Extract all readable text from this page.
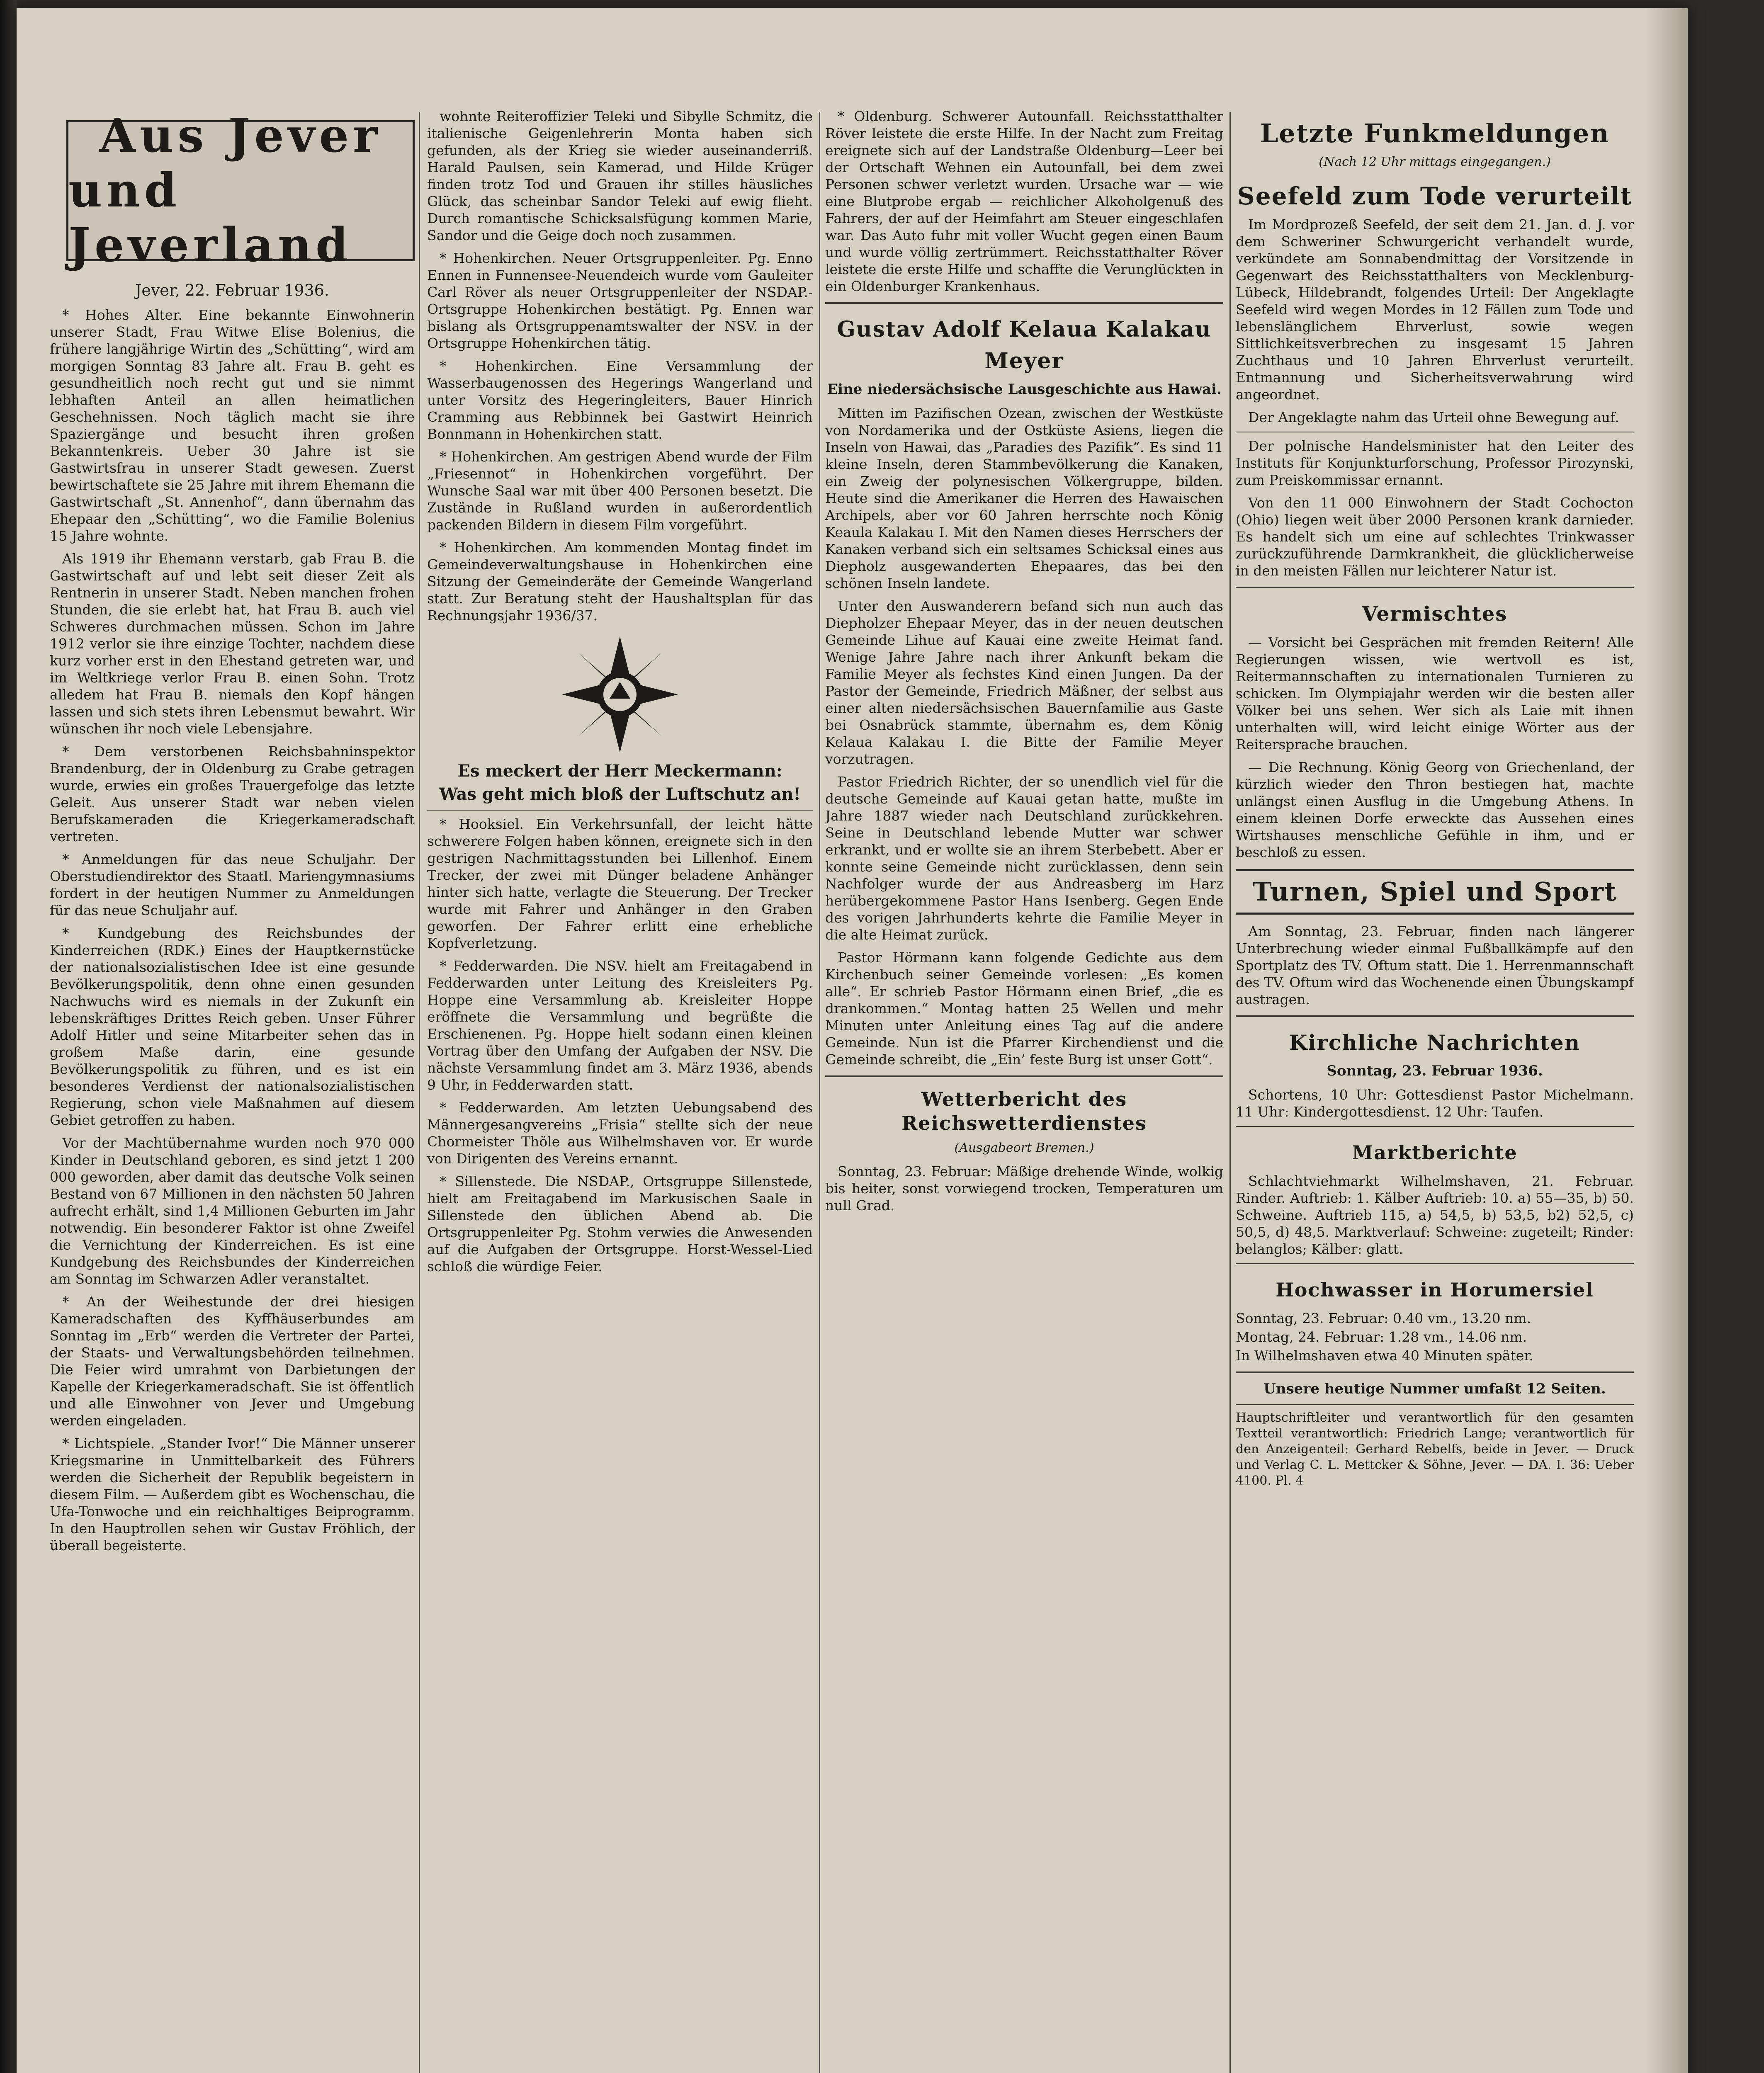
Aus Jever
und Jeverland
Jever, 22. Februar 1936.

* Hohes Alter. Eine bekannte Einwohnerin unserer Stadt, Frau Witwe Elise Bolenius, die frühere langjährige Wirtin des „Schütting“, wird am morgigen Sonntag 83 Jahre alt. Frau B. geht es gesundheitlich noch recht gut und sie nimmt lebhaften Anteil an allen heimatlichen Geschehnissen. Noch täglich macht sie ihre Spaziergänge und besucht ihren großen Bekanntenkreis. Ueber 30 Jahre ist sie Gastwirtsfrau in unserer Stadt gewesen. Zuerst bewirtschaftete sie 25 Jahre mit ihrem Ehemann die Gastwirtschaft „St. Annenhof“, dann übernahm das Ehepaar den „Schütting“, wo die Familie Bolenius 15 Jahre wohnte.

Als 1919 ihr Ehemann verstarb, gab Frau B. die Gastwirtschaft auf und lebt seit dieser Zeit als Rentnerin in unserer Stadt. Neben manchen frohen Stunden, die sie erlebt hat, hat Frau B. auch viel Schweres durchmachen müssen. Schon im Jahre 1912 verlor sie ihre einzige Tochter, nachdem diese kurz vorher erst in den Ehestand getreten war, und im Weltkriege verlor Frau B. einen Sohn. Trotz alledem hat Frau B. niemals den Kopf hängen lassen und sich stets ihren Lebensmut bewahrt. Wir wünschen ihr noch viele Lebensjahre.

* Dem verstorbenen Reichsbahninspektor Brandenburg, der in Oldenburg zu Grabe getragen wurde, erwies ein großes Trauergefolge das letzte Geleit. Aus unserer Stadt war neben vielen Berufskameraden die Kriegerkameradschaft vertreten.

* Anmeldungen für das neue Schuljahr. Der Oberstudiendirektor des Staatl. Mariengymnasiums fordert in der heutigen Nummer zu Anmeldungen für das neue Schuljahr auf.

* Kundgebung des Reichsbundes der Kinderreichen (RDK.) Eines der Hauptkernstücke der nationalsozialistischen Idee ist eine gesunde Bevölkerungspolitik, denn ohne einen gesunden Nachwuchs wird es niemals in der Zukunft ein lebenskräftiges Drittes Reich geben. Unser Führer Adolf Hitler und seine Mitarbeiter sehen das in großem Maße darin, eine gesunde Bevölkerungspolitik zu führen, und es ist ein besonderes Verdienst der nationalsozialistischen Regierung, schon viele Maßnahmen auf diesem Gebiet getroffen zu haben.

Vor der Machtübernahme wurden noch 970 000 Kinder in Deutschland geboren, es sind jetzt 1 200 000 geworden, aber damit das deutsche Volk seinen Bestand von 67 Millionen in den nächsten 50 Jahren aufrecht erhält, sind 1,4 Millionen Geburten im Jahr notwendig. Ein besonderer Faktor ist ohne Zweifel die Vernichtung der Kinderreichen. Es ist eine Kundgebung des Reichsbundes der Kinderreichen am Sonntag im Schwarzen Adler veranstaltet.

* An der Weihestunde der drei hiesigen Kameradschaften des Kyffhäuserbundes am Sonntag im „Erb“ werden die Vertreter der Partei, der Staats- und Verwaltungsbehörden teilnehmen. Die Feier wird umrahmt von Darbietungen der Kapelle der Kriegerkameradschaft. Sie ist öffentlich und alle Einwohner von Jever und Umgebung werden eingeladen.

* Lichtspiele. „Stander Ivor!“ Die Männer unserer Kriegsmarine in Unmittelbarkeit des Führers werden die Sicherheit der Republik begeistern in diesem Film. — Außerdem gibt es Wochenschau, die Ufa-Tonwoche und ein reichhaltiges Beiprogramm. In den Hauptrollen sehen wir Gustav Fröhlich, der überall begeisterte.

wohnte Reiteroffizier Teleki und Sibylle Schmitz, die italienische Geigenlehrerin Monta haben sich gefunden, als der Krieg sie wieder auseinanderriß. Harald Paulsen, sein Kamerad, und Hilde Krüger finden trotz Tod und Grauen ihr stilles häusliches Glück, das scheinbar Sandor Teleki auf ewig flieht. Durch romantische Schicksalsfügung kommen Marie, Sandor und die Geige doch noch zusammen.

* Hohenkirchen. Neuer Ortsgruppenleiter. Pg. Enno Ennen in Funnensee-Neuendeich wurde vom Gauleiter Carl Röver als neuer Ortsgruppenleiter der NSDAP.-Ortsgruppe Hohenkirchen bestätigt. Pg. Ennen war bislang als Ortsgruppenamtswalter der NSV. in der Ortsgruppe Hohenkirchen tätig.

* Hohenkirchen. Eine Versammlung der Wasserbaugenossen des Hegerings Wangerland und unter Vorsitz des Hegeringleiters, Bauer Hinrich Cramming aus Rebbinnek bei Gastwirt Heinrich Bonnmann in Hohenkirchen statt.

* Hohenkirchen. Am gestrigen Abend wurde der Film „Friesennot“ in Hohenkirchen vorgeführt. Der Wunsche Saal war mit über 400 Personen besetzt. Die Zustände in Rußland wurden in außerordentlich packenden Bildern in diesem Film vorgeführt.

* Hohenkirchen. Am kommenden Montag findet im Gemeindeverwaltungshause in Hohenkirchen eine Sitzung der Gemeinderäte der Gemeinde Wangerland statt. Zur Beratung steht der Haushaltsplan für das Rechnungsjahr 1936/37.

Es meckert der Herr Meckermann:
Was geht mich bloß der Luftschutz an!

* Hooksiel. Ein Verkehrsunfall, der leicht hätte schwerere Folgen haben können, ereignete sich in den gestrigen Nachmittagsstunden bei Lillenhof. Einem Trecker, der zwei mit Dünger beladene Anhänger hinter sich hatte, verlagte die Steuerung. Der Trecker wurde mit Fahrer und Anhänger in den Graben geworfen. Der Fahrer erlitt eine erhebliche Kopfverletzung.

* Fedderwarden. Die NSV. hielt am Freitagabend in Fedderwarden unter Leitung des Kreisleiters Pg. Hoppe eine Versammlung ab. Kreisleiter Hoppe eröffnete die Versammlung und begrüßte die Erschienenen. Pg. Hoppe hielt sodann einen kleinen Vortrag über den Umfang der Aufgaben der NSV. Die nächste Versammlung findet am 3. März 1936, abends 9 Uhr, in Fedderwarden statt.

* Fedderwarden. Am letzten Uebungsabend des Männergesangvereins „Frisia“ stellte sich der neue Chormeister Thöle aus Wilhelmshaven vor. Er wurde von Dirigenten des Vereins ernannt.

* Sillenstede. Die NSDAP., Ortsgruppe Sillenstede, hielt am Freitagabend im Markusischen Saale in Sillenstede den üblichen Abend ab. Die Ortsgruppenleiter Pg. Stohm verwies die Anwesenden auf die Aufgaben der Ortsgruppe. Horst-Wessel-Lied schloß die würdige Feier.

* Oldenburg. Schwerer Autounfall. Reichsstatthalter Röver leistete die erste Hilfe. In der Nacht zum Freitag ereignete sich auf der Landstraße Oldenburg—Leer bei der Ortschaft Wehnen ein Autounfall, bei dem zwei Personen schwer verletzt wurden. Ursache war — wie eine Blutprobe ergab — reichlicher Alkoholgenuß des Fahrers, der auf der Heimfahrt am Steuer eingeschlafen war. Das Auto fuhr mit voller Wucht gegen einen Baum und wurde völlig zertrümmert. Reichsstatthalter Röver leistete die erste Hilfe und schaffte die Verunglückten in ein Oldenburger Krankenhaus.

Gustav Adolf Kelaua Kalakau Meyer
Eine niedersächsische Lausgeschichte aus Hawai.

Mitten im Pazifischen Ozean, zwischen der Westküste von Nordamerika und der Ostküste Asiens, liegen die Inseln von Hawai, das „Paradies des Pazifik“. Es sind 11 kleine Inseln, deren Stammbevölkerung die Kanaken, ein Zweig der polynesischen Völkergruppe, bilden. Heute sind die Amerikaner die Herren des Hawaischen Archipels, aber vor 60 Jahren herrschte noch König Keaula Kalakau I. Mit den Namen dieses Herrschers der Kanaken verband sich ein seltsames Schicksal eines aus Diepholz ausgewanderten Ehepaares, das bei den schönen Inseln landete.

Unter den Auswanderern befand sich nun auch das Diepholzer Ehepaar Meyer, das in der neuen deutschen Gemeinde Lihue auf Kauai eine zweite Heimat fand. Wenige Jahre Jahre nach ihrer Ankunft bekam die Familie Meyer als fechstes Kind einen Jungen. Da der Pastor der Gemeinde, Friedrich Mäßner, der selbst aus einer alten niedersächsischen Bauernfamilie aus Gaste bei Osnabrück stammte, übernahm es, dem König Kelaua Kalakau I. die Bitte der Familie Meyer vorzutragen.

Pastor Friedrich Richter, der so unendlich viel für die deutsche Gemeinde auf Kauai getan hatte, mußte im Jahre 1887 wieder nach Deutschland zurückkehren. Seine in Deutschland lebende Mutter war schwer erkrankt, und er wollte sie an ihrem Sterbebett. Aber er konnte seine Gemeinde nicht zurücklassen, denn sein Nachfolger wurde der aus Andreasberg im Harz herübergekommene Pastor Hans Isenberg. Gegen Ende des vorigen Jahrhunderts kehrte die Familie Meyer in die alte Heimat zurück.

Pastor Hörmann kann folgende Gedichte aus dem Kirchenbuch seiner Gemeinde vorlesen: „Es komen alle“. Er schrieb Pastor Hörmann einen Brief, „die es drankommen.“ Montag hatten 25 Wellen und mehr Minuten unter Anleitung eines Tag auf die andere Gemeinde. Nun ist die Pfarrer Kirchendienst und die Gemeinde schreibt, die „Ein’ feste Burg ist unser Gott“.

Wetterbericht des Reichswetterdienstes
(Ausgabeort Bremen.)

Sonntag, 23. Februar: Mäßige drehende Winde, wolkig bis heiter, sonst vorwiegend trocken, Temperaturen um null Grad.

Letzte Funkmeldungen
(Nach 12 Uhr mittags eingegangen.)
Seefeld zum Tode verurteilt

Im Mordprozeß Seefeld, der seit dem 21. Jan. d. J. vor dem Schweriner Schwurgericht verhandelt wurde, verkündete am Sonnabendmittag der Vorsitzende in Gegenwart des Reichsstatthalters von Mecklenburg-Lübeck, Hildebrandt, folgendes Urteil: Der Angeklagte Seefeld wird wegen Mordes in 12 Fällen zum Tode und lebenslänglichem Ehrverlust, sowie wegen Sittlichkeitsverbrechen zu insgesamt 15 Jahren Zuchthaus und 10 Jahren Ehrverlust verurteilt. Entmannung und Sicherheitsverwahrung wird angeordnet.

Der Angeklagte nahm das Urteil ohne Bewegung auf.

Der polnische Handelsminister hat den Leiter des Instituts für Konjunkturforschung, Professor Pirozynski, zum Preiskommissar ernannt.

Von den 11 000 Einwohnern der Stadt Cochocton (Ohio) liegen weit über 2000 Personen krank darnieder. Es handelt sich um eine auf schlechtes Trinkwasser zurückzuführende Darmkrankheit, die glücklicherweise in den meisten Fällen nur leichterer Natur ist.

Vermischtes

— Vorsicht bei Gesprächen mit fremden Reitern! Alle Regierungen wissen, wie wertvoll es ist, Reitermannschaften zu internationalen Turnieren zu schicken. Im Olympiajahr werden wir die besten aller Völker bei uns sehen. Wer sich als Laie mit ihnen unterhalten will, wird leicht einige Wörter aus der Reitersprache brauchen.

— Die Rechnung. König Georg von Griechenland, der kürzlich wieder den Thron bestiegen hat, machte unlängst einen Ausflug in die Umgebung Athens. In einem kleinen Dorfe erweckte das Aussehen eines Wirtshauses menschliche Gefühle in ihm, und er beschloß zu essen.

Turnen, Spiel und Sport

Am Sonntag, 23. Februar, finden nach längerer Unterbrechung wieder einmal Fußballkämpfe auf den Sportplatz des TV. Oftum statt. Die 1. Herrenmannschaft des TV. Oftum wird das Wochenende einen Übungskampf austragen.

Kirchliche Nachrichten
Sonntag, 23. Februar 1936.

Schortens, 10 Uhr: Gottesdienst Pastor Michelmann. 11 Uhr: Kindergottesdienst. 12 Uhr: Taufen.

Marktberichte

Schlachtviehmarkt Wilhelmshaven, 21. Februar. Rinder. Auftrieb: 1. Kälber Auftrieb: 10. a) 55—35, b) 50. Schweine. Auftrieb 115, a) 54,5, b) 53,5, b2) 52,5, c) 50,5, d) 48,5. Marktverlauf: Schweine: zugeteilt; Rinder: belanglos; Kälber: glatt.

Hochwasser in Horumersiel

Sonntag, 23. Februar: 0.40 vm., 13.20 nm.

Montag, 24. Februar: 1.28 vm., 14.06 nm.

In Wilhelmshaven etwa 40 Minuten später.

Unsere heutige Nummer umfaßt 12 Seiten.

Hauptschriftleiter und verantwortlich für den gesamten Textteil verantwortlich: Friedrich Lange; verantwortlich für den Anzeigenteil: Gerhard Rebelfs, beide in Jever. — Druck und Verlag C. L. Mettcker & Söhne, Jever. — DA. I. 36: Ueber 4100. Pl. 4
